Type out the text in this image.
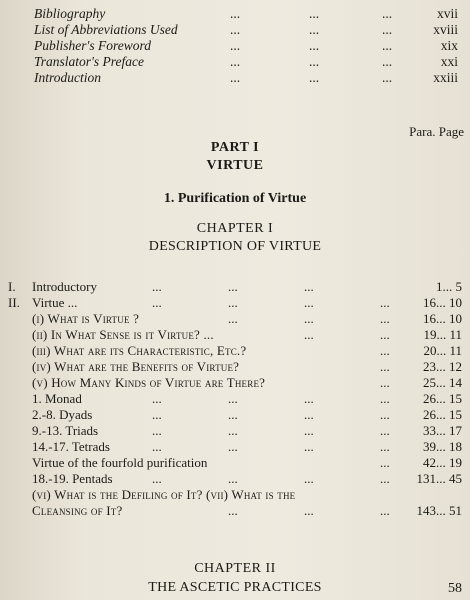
Bibliography	...	...	...	xvii
List of Abbreviations Used	...	...	...	xviii
Publisher's Foreword	...	...	...	xix
Translator's Preface	...	...	...	xxi
Introduction	...	...	...	xxiii
Para. Page
PART I
VIRTUE
1. Purification of Virtue
CHAPTER I
DESCRIPTION OF VIRTUE
I. Introductory	...	...	...	1... 5
II. Virtue ...	...	...	...	...	16... 10
(i) What is Virtue ?	...	...	...	16... 10
(ii) In What Sense is it Virtue? ...	...	...	19... 11
(iii) What are its Characteristic, Etc.?	...	20... 11
(iv) What are the Benefits of Virtue?	...	23... 12
(v) How Many Kinds of Virtue are There?	...	25... 14
1. Monad	...	...	...	...	26... 15
2.-8. Dyads	...	...	...	...	26... 15
9.-13. Triads	...	...	...	...	33... 17
14.-17. Tetrads	...	...	...	...	39... 18
Virtue of the fourfold purification	...	42... 19
18.-19. Pentads	...	...	...	... 131... 45
(vi) What is the Defiling of It? (vii) What is the
Cleansing of It?	...	...	... 143... 51
CHAPTER II
THE ASCETIC PRACTICES	58
